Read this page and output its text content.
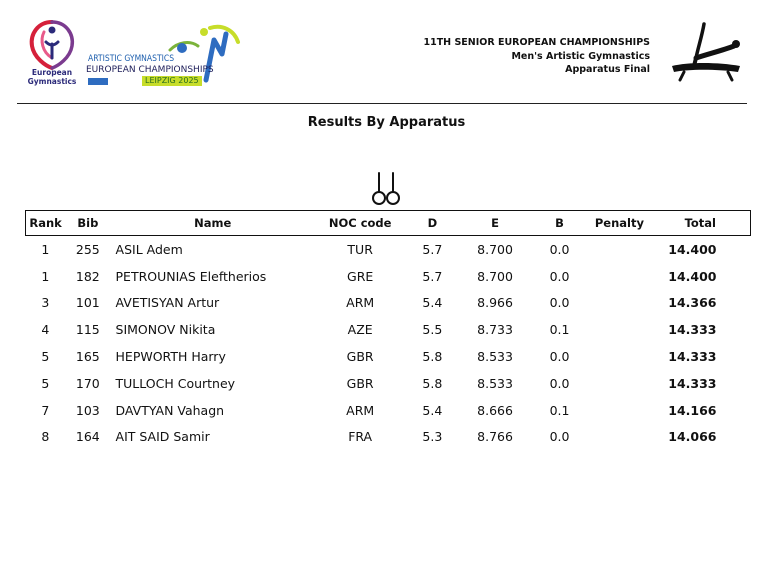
European
Gymnastics
ARTISTIC GYMNASTICS
EUROPEAN CHAMPIONSHIPS
LEIPZIG 2025
11TH SENIOR EUROPEAN CHAMPIONSHIPS
Men's Artistic Gymnastics
Apparatus Final
Results By Apparatus
Rank	Bib	Name	NOC code	D	E	B	Penalty	Total
1	255	ASIL Adem	TUR	5.7	8.700	0.0		14.400
1	182	PETROUNIAS Eleftherios	GRE	5.7	8.700	0.0		14.400
3	101	AVETISYAN Artur	ARM	5.4	8.966	0.0		14.366
4	115	SIMONOV Nikita	AZE	5.5	8.733	0.1		14.333
5	165	HEPWORTH Harry	GBR	5.8	8.533	0.0		14.333
5	170	TULLOCH Courtney	GBR	5.8	8.533	0.0		14.333
7	103	DAVTYAN Vahagn	ARM	5.4	8.666	0.1		14.166
8	164	AIT SAID Samir	FRA	5.3	8.766	0.0		14.066
